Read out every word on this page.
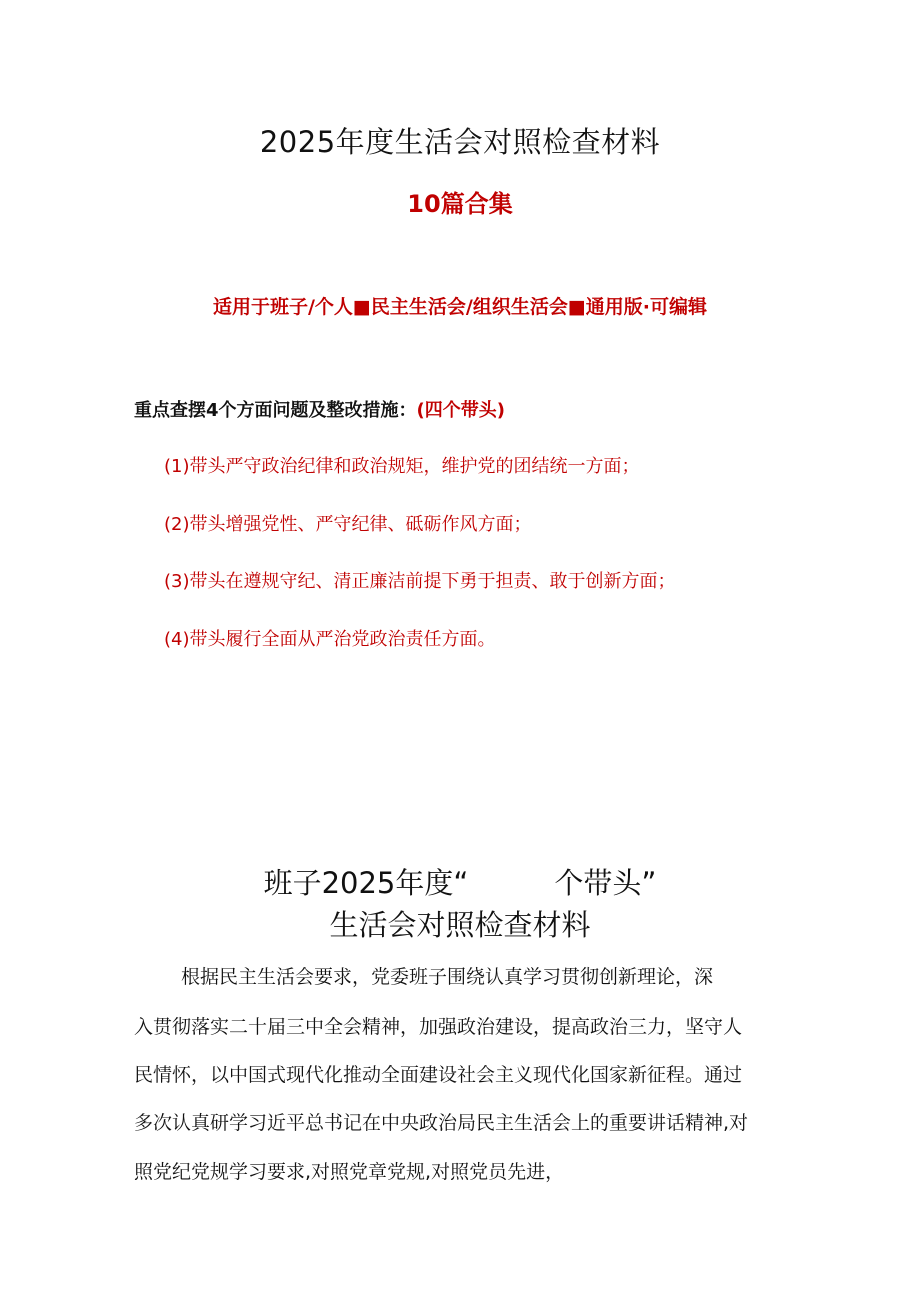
2025年度生活会对照检查材料
10篇合集
适用于班子/个人■民主生活会/组织生活会■通用版·可编辑
重点查摆4个方面问题及整改措施：(四个带头)
(1)带头严守政治纪律和政治规矩，维护党的团结统一方面；
(2)带头增强党性、严守纪律、砥砺作风方面；
(3)带头在遵规守纪、清正廉洁前提下勇于担责、敢于创新方面；
(4)带头履行全面从严治党政治责任方面。
班子2025年度“	个带头”
生活会对照检查材料
根据民主生活会要求，党委班子围绕认真学习贯彻创新理论，深
入贯彻落实二十届三中全会精神，加强政治建设，提高政治三力，坚守人
民情怀，以中国式现代化推动全面建设社会主义现代化国家新征程。通过
多次认真研学习近平总书记在中央政治局民主生活会上的重要讲话精神,对
照党纪党规学习要求,对照党章党规,对照党员先进，
